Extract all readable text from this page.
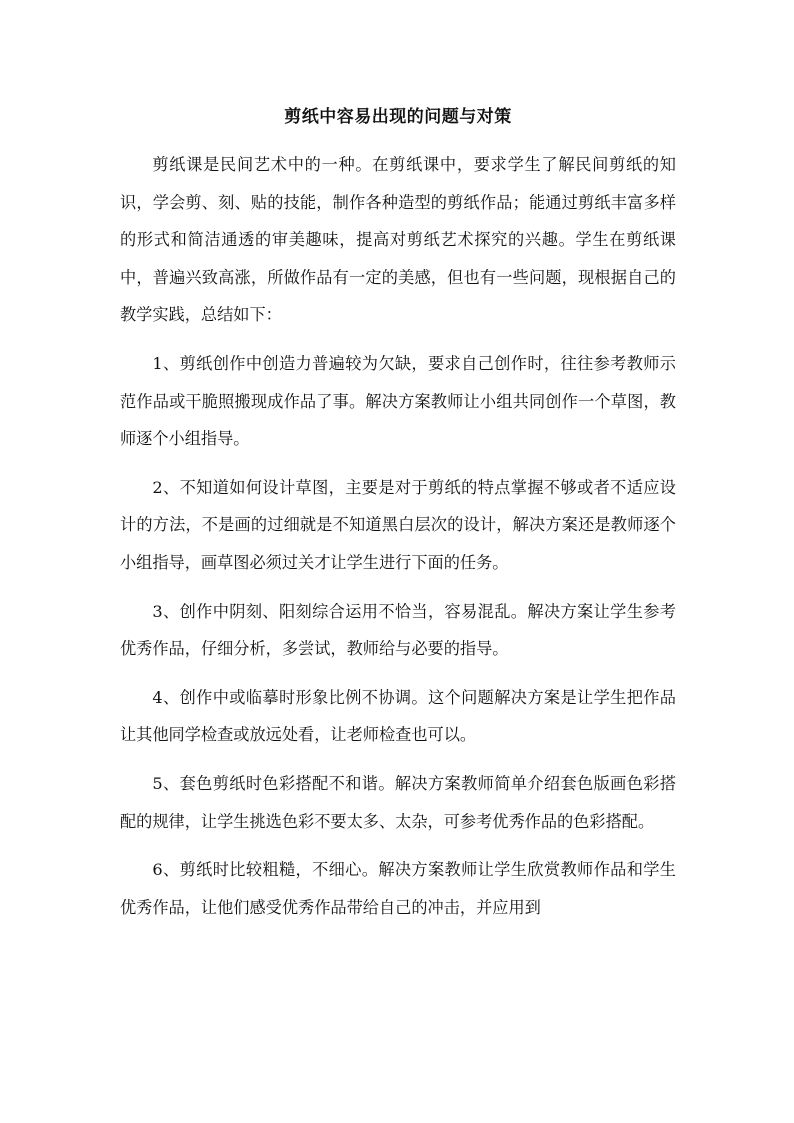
剪纸中容易出现的问题与对策

剪纸课是民间艺术中的一种。在剪纸课中，要求学生了解民间剪纸的知识，学会剪、刻、贴的技能，制作各种造型的剪纸作品；能通过剪纸丰富多样的形式和简洁通透的审美趣味，提高对剪纸艺术探究的兴趣。学生在剪纸课中，普遍兴致高涨，所做作品有一定的美感，但也有一些问题，现根据自己的教学实践，总结如下：

1、剪纸创作中创造力普遍较为欠缺，要求自己创作时，往往参考教师示范作品或干脆照搬现成作品了事。解决方案教师让小组共同创作一个草图，教师逐个小组指导。

2、不知道如何设计草图，主要是对于剪纸的特点掌握不够或者不适应设计的方法，不是画的过细就是不知道黑白层次的设计，解决方案还是教师逐个小组指导，画草图必须过关才让学生进行下面的任务。

3、创作中阴刻、阳刻综合运用不恰当，容易混乱。解决方案让学生参考优秀作品，仔细分析，多尝试，教师给与必要的指导。

4、创作中或临摹时形象比例不协调。这个问题解决方案是让学生把作品让其他同学检查或放远处看，让老师检查也可以。

5、套色剪纸时色彩搭配不和谐。解决方案教师简单介绍套色版画色彩搭配的规律，让学生挑选色彩不要太多、太杂，可参考优秀作品的色彩搭配。

6、剪纸时比较粗糙，不细心。解决方案教师让学生欣赏教师作品和学生优秀作品，让他们感受优秀作品带给自己的冲击，并应用到
